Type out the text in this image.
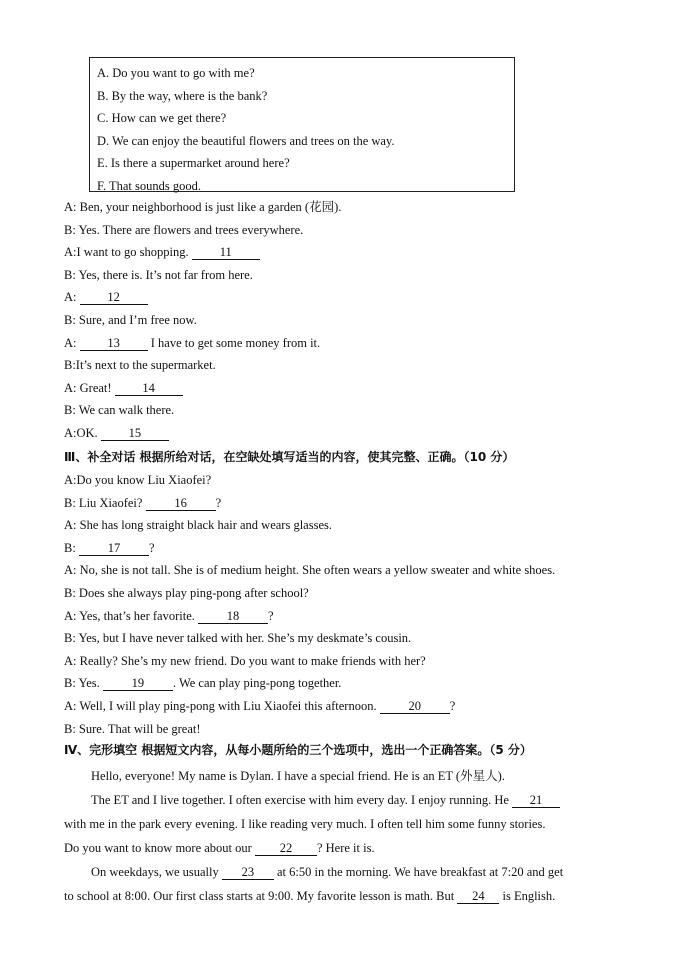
A. Do you want to go with me?
B. By the way, where is the bank?
C. How can we get there?
D. We can enjoy the beautiful flowers and trees on the way.
E. Is there a supermarket around here?
F. That sounds good.
A: Ben, your neighborhood is just like a garden (花园).
B: Yes. There are flowers and trees everywhere.
A:I want to go shopping. 11
B: Yes, there is. It’s not far from here.
A: 12
B: Sure, and I’m free now.
A: 13 I have to get some money from it.
B:It’s next to the supermarket.
A: Great! 14
B: We can walk there.
A:OK. 15
Ⅲ、补全对话 根据所给对话，在空缺处填写适当的内容，使其完整、正确。（10 分）
A:Do you know Liu Xiaofei?
B: Liu Xiaofei? 16 ?
A: She has long straight black hair and wears glasses.
B: 17 ?
A: No, she is not tall. She is of medium height. She often wears a yellow sweater and white shoes.
B: Does she always play ping-pong after school?
A: Yes, that’s her favorite. 18 ?
B: Yes, but I have never talked with her. She’s my deskmate’s cousin.
A: Really? She’s my new friend. Do you want to make friends with her?
B: Yes. 19 . We can play ping-pong together.
A: Well, I will play ping-pong with Liu Xiaofei this afternoon. 20 ?
B: Sure. That will be great!
Ⅳ、完形填空 根据短文内容，从每小题所给的三个选项中，选出一个正确答案。（5 分）
Hello, everyone! My name is Dylan. I have a special friend. He is an ET (外星人).
The ET and I live together. I often exercise with him every day. I enjoy running. He 21
with me in the park every evening. I like reading very much. I often tell him some funny stories.
Do you want to know more about our 22 ? Here it is.
On weekdays, we usually 23 at 6:50 in the morning. We have breakfast at 7:20 and get
to school at 8:00. Our first class starts at 9:00. My favorite lesson is math. But 24 is English.
